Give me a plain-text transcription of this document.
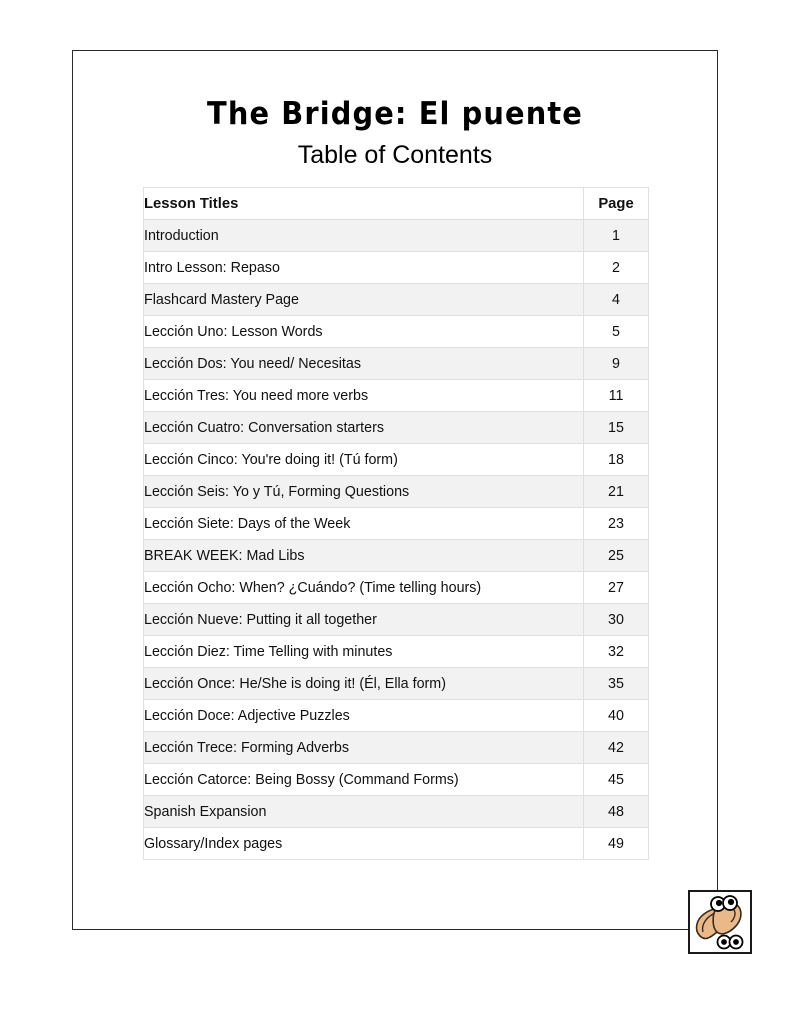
The Bridge: El puente
Table of Contents
Lesson Titles	Page
Introduction	1
Intro Lesson: Repaso	2
Flashcard Mastery Page	4
Lección Uno: Lesson Words	5
Lección Dos: You need/ Necesitas	9
Lección Tres: You need more verbs	11
Lección Cuatro: Conversation starters	15
Lección Cinco: You're doing it! (Tú form)	18
Lección Seis: Yo y Tú, Forming Questions	21
Lección Siete: Days of the Week	23
BREAK WEEK: Mad Libs	25
Lección Ocho: When? ¿Cuándo? (Time telling hours)	27
Lección Nueve: Putting it all together	30
Lección Diez: Time Telling with minutes	32
Lección Once: He/She is doing it! (Él, Ella form)	35
Lección Doce: Adjective Puzzles	40
Lección Trece: Forming Adverbs	42
Lección Catorce: Being Bossy (Command Forms)	45
Spanish Expansion	48
Glossary/Index pages	49
